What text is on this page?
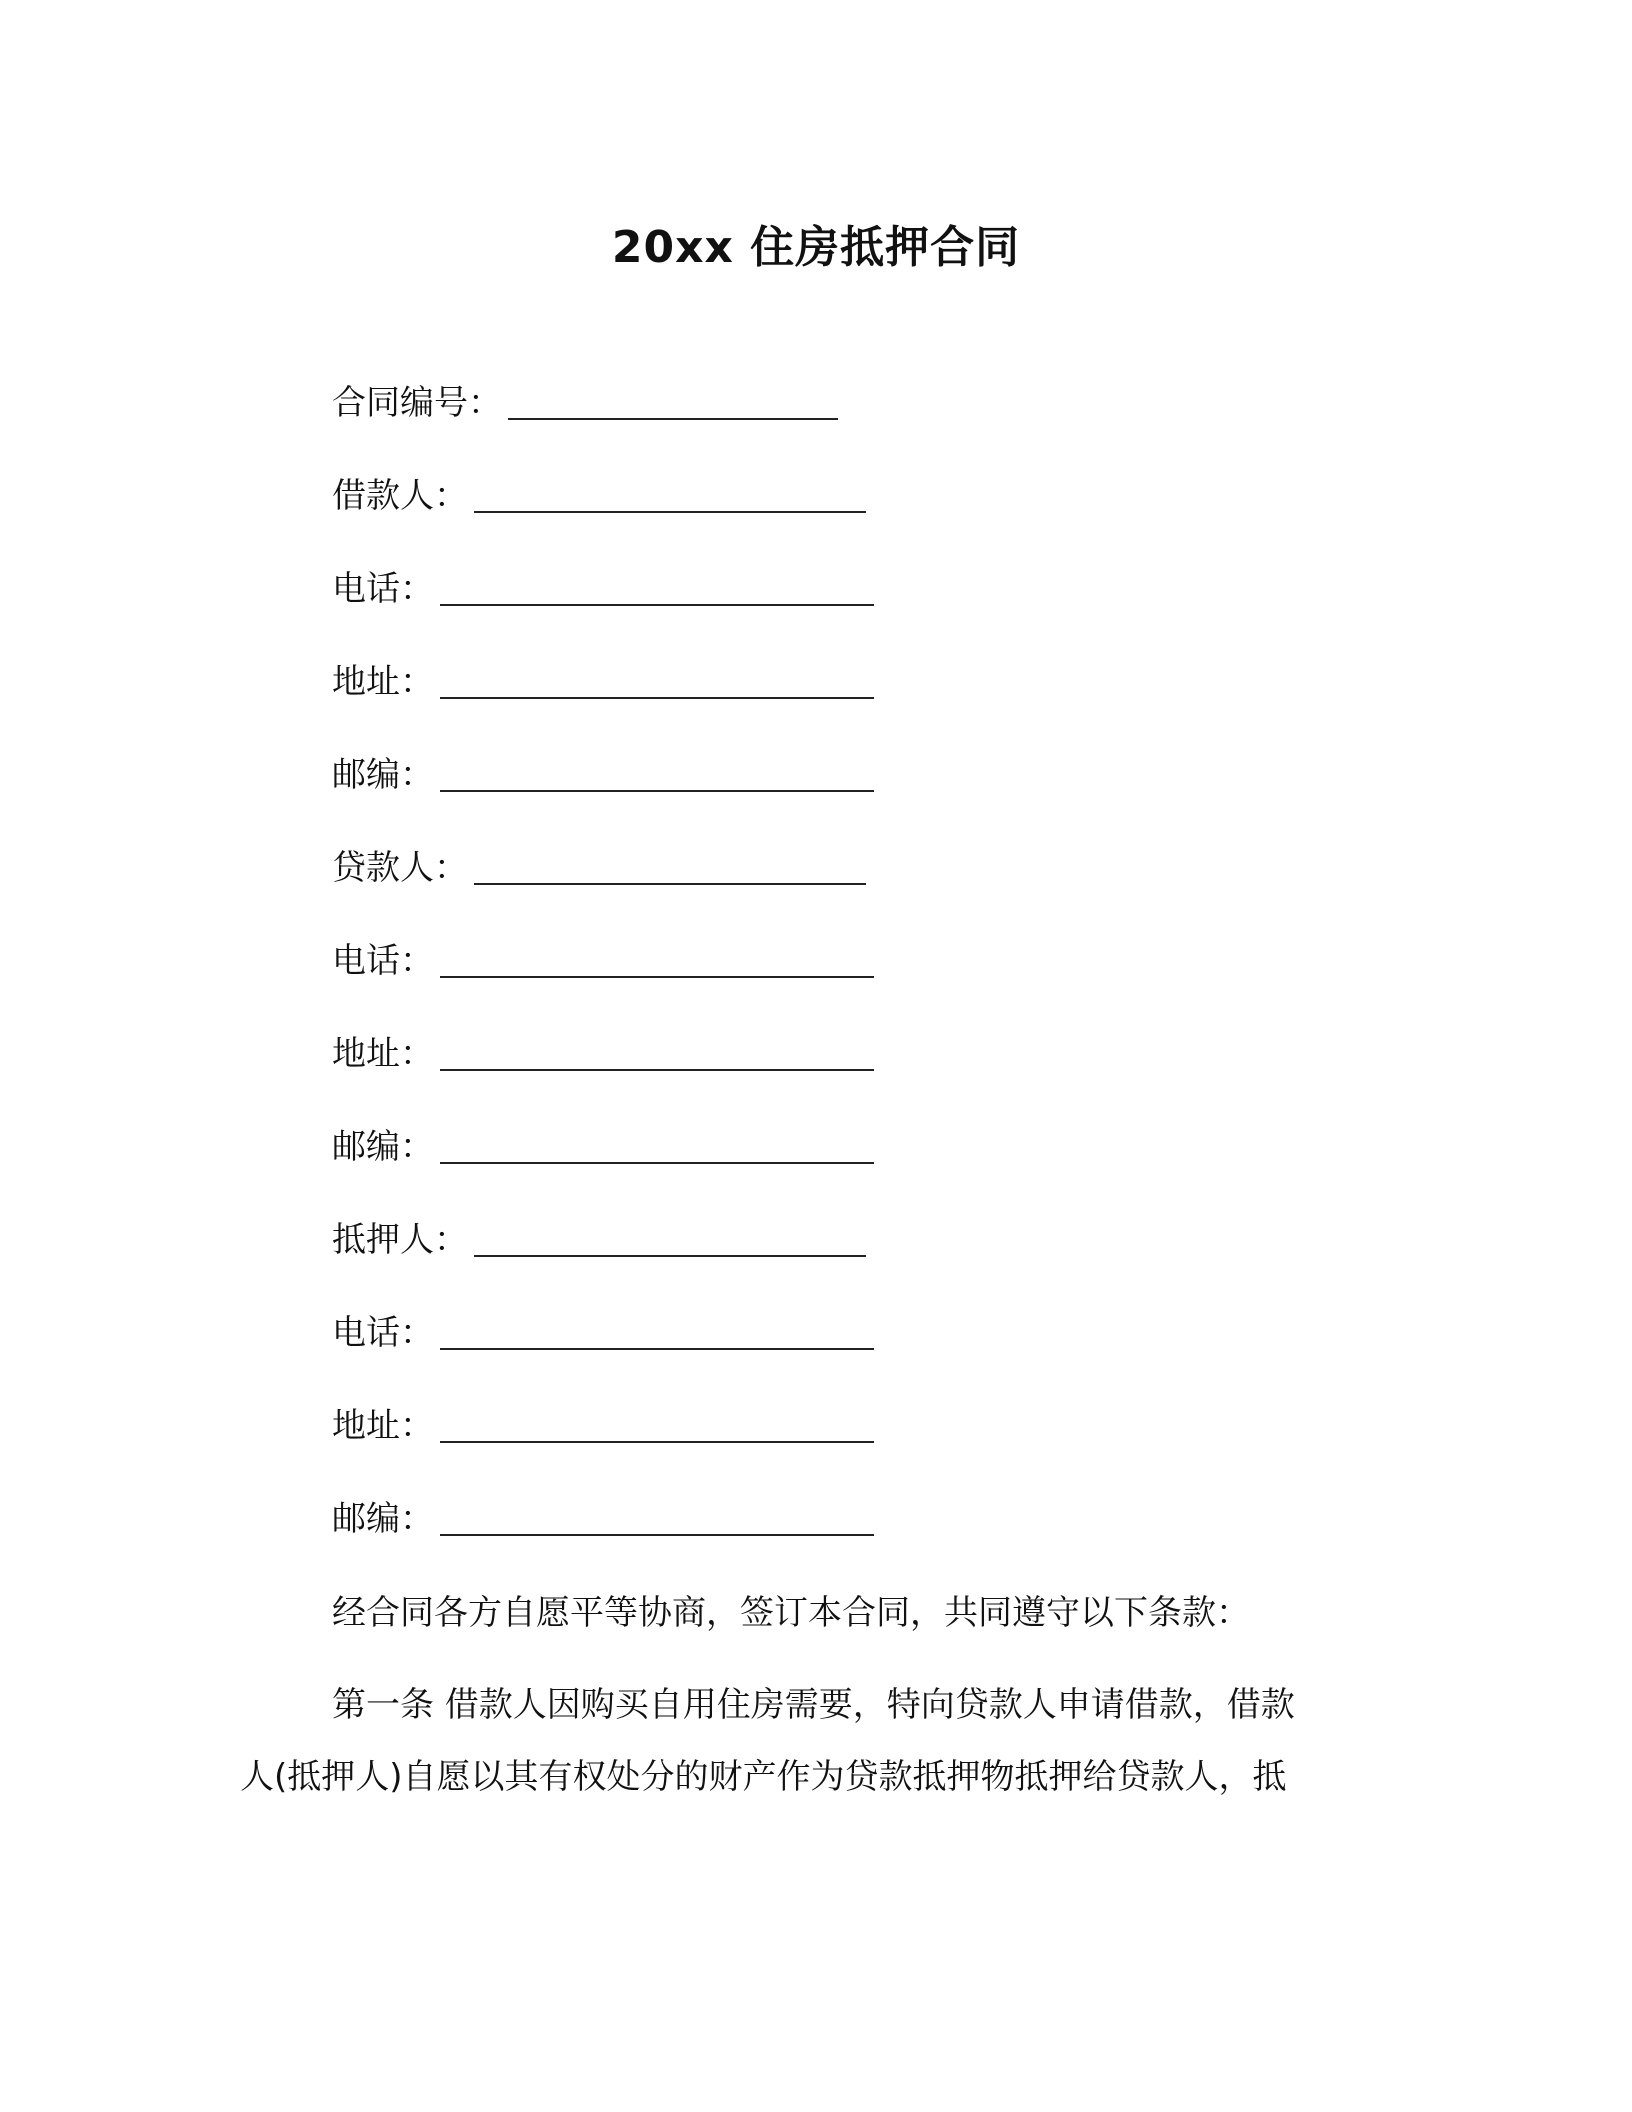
20xx 住房抵押合同
合同编号：
借款人：
电话：
地址：
邮编：
贷款人：
电话：
地址：
邮编：
抵押人：
电话：
地址：
邮编：
经合同各方自愿平等协商，签订本合同，共同遵守以下条款：
第一条 借款人因购买自用住房需要，特向贷款人申请借款，借款
人(抵押人)自愿以其有权处分的财产作为贷款抵押物抵押给贷款人，抵
